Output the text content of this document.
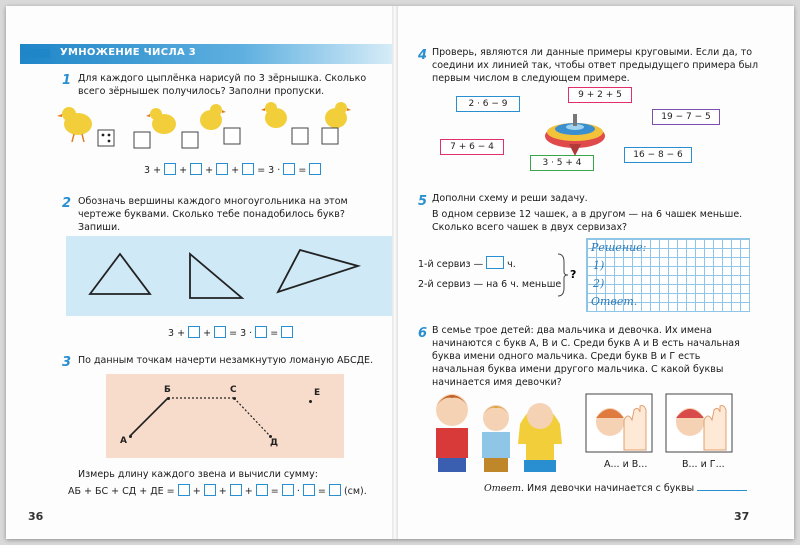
УМНОЖЕНИЕ ЧИСЛА 3
1 Для каждого цыплёнка нарисуй по 3 зёрнышка. Сколько всего зёрнышек получилось? Заполни пропуски.
3 + + + + = 3 · =
2 Обозначь вершины каждого многоугольника на этом чертеже буквами. Сколько тебе понадобилось букв? Запиши.
3 + + = 3 · =
3 По данным точкам начерти незамкнутую ломаную АБСДЕ.
А
Б	С
Д
Е
Измерь длину каждого звена и вычисли сумму:
АБ + БС + СД + ДЕ = + + + = · = (см).
36
4 Проверь, являются ли данные примеры круговыми. Если да, то соедини их линией так, чтобы ответ предыдущего примера был первым числом в следующем примере.
2 · 6 − 9
9 + 2 + 5
19 − 7 − 5
7 + 6 − 4
3 · 5 + 4
16 − 8 − 6
5 Дополни схему и реши задачу.
В одном сервизе 12 чашек, а в другом — на 6 чашек меньше. Сколько всего чашек в двух сервизах?
1-й сервиз —	ч.
2-й сервиз — на 6 ч. меньше
?
Решение:
1)
2)
Ответ.
6 В семье трое детей: два мальчика и девочка. Их имена начинаются с букв А, В и С. Среди букв А и В есть начальная буква имени одного мальчика. Среди букв В и Г есть начальная буква имени другого мальчика. С какой буквы начинается имя девочки?
А... и В...	В... и Г...
Ответ. Имя девочки начинается с буквы
37
